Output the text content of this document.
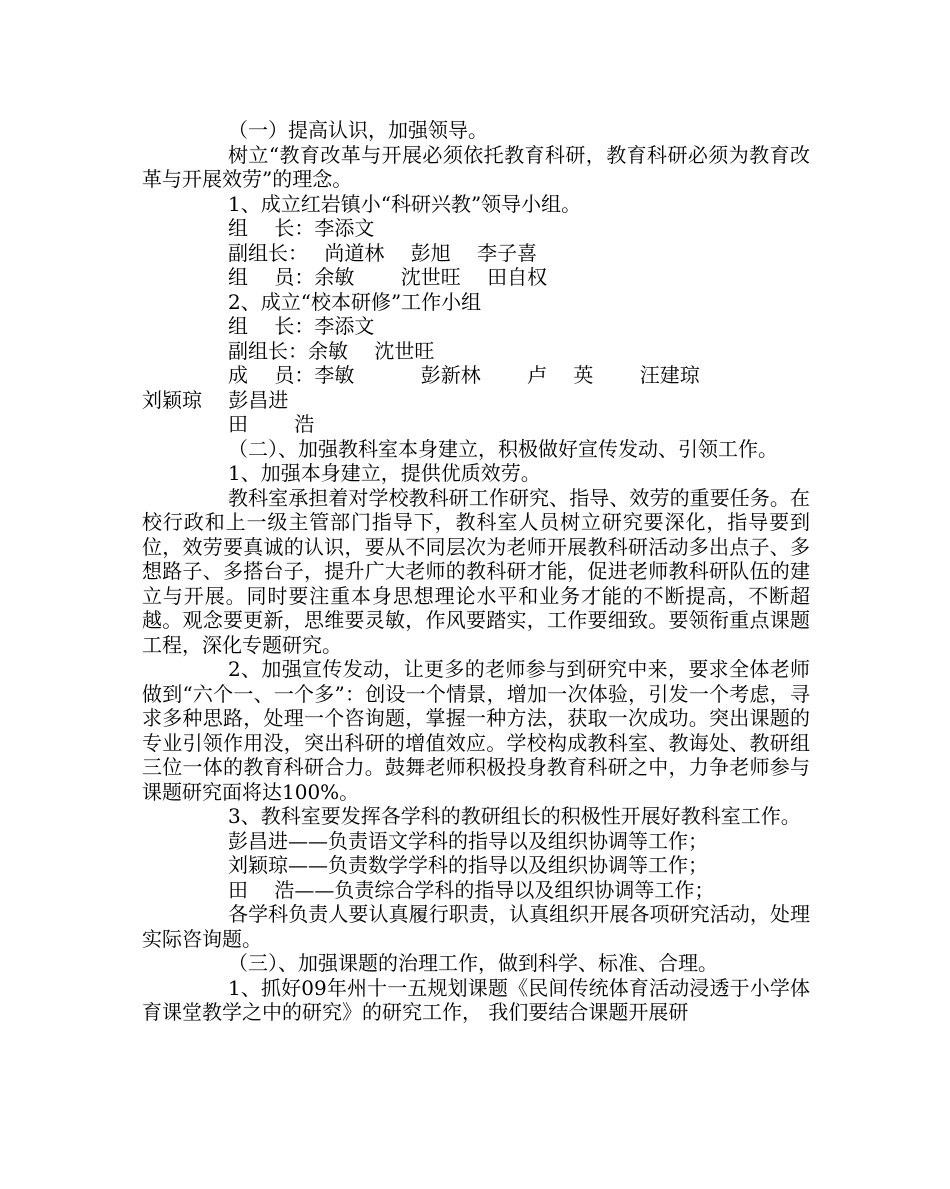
（一）提高认识，加强领导。

树立“教育改革与开展必须依托教育科研，教育科研必须为教育改革与开展效劳”的理念。

1、成立红岩镇小“科研兴教”领导小组。

组　 长：李添文

副组长：　 尚道林　 彭旭　 李子喜

组　 员：余敏　　 沈世旺　 田自权

2、成立“校本研修”工作小组

组　 长：李添文

副组长：余敏　 沈世旺

成　 员：李敏　　　 彭新林　　 卢　 英　　 汪建琼

刘颖琼　 彭昌进

田　　 浩

（二）、加强教科室本身建立，积极做好宣传发动、引领工作。

1、加强本身建立，提供优质效劳。

教科室承担着对学校教科研工作研究、指导、效劳的重要任务。在校行政和上一级主管部门指导下，教科室人员树立研究要深化，指导要到位，效劳要真诚的认识，要从不同层次为老师开展教科研活动多出点子、多想路子、多搭台子，提升广大老师的教科研才能，促进老师教科研队伍的建立与开展。同时要注重本身思想理论水平和业务才能的不断提高，不断超越。观念要更新，思维要灵敏，作风要踏实，工作要细致。要领衔重点课题工程，深化专题研究。

2、加强宣传发动，让更多的老师参与到研究中来，要求全体老师做到“六个一、一个多”：创设一个情景，增加一次体验，引发一个考虑，寻求多种思路，处理一个咨询题，掌握一种方法，获取一次成功。突出课题的专业引领作用没，突出科研的增值效应。学校构成教科室、教诲处、教研组三位一体的教育科研合力。鼓舞老师积极投身教育科研之中，力争老师参与课题研究面将达100%。

3、教科室要发挥各学科的教研组长的积极性开展好教科室工作。

彭昌进——负责语文学科的指导以及组织协调等工作；

刘颖琼——负责数学学科的指导以及组织协调等工作；

田　 浩——负责综合学科的指导以及组织协调等工作；

各学科负责人要认真履行职责，认真组织开展各项研究活动，处理实际咨询题。

（三）、加强课题的治理工作，做到科学、标准、合理。

1、抓好09年州十一五规划课题《民间传统体育活动浸透于小学体育课堂教学之中的研究》的研究工作， 我们要结合课题开展研
